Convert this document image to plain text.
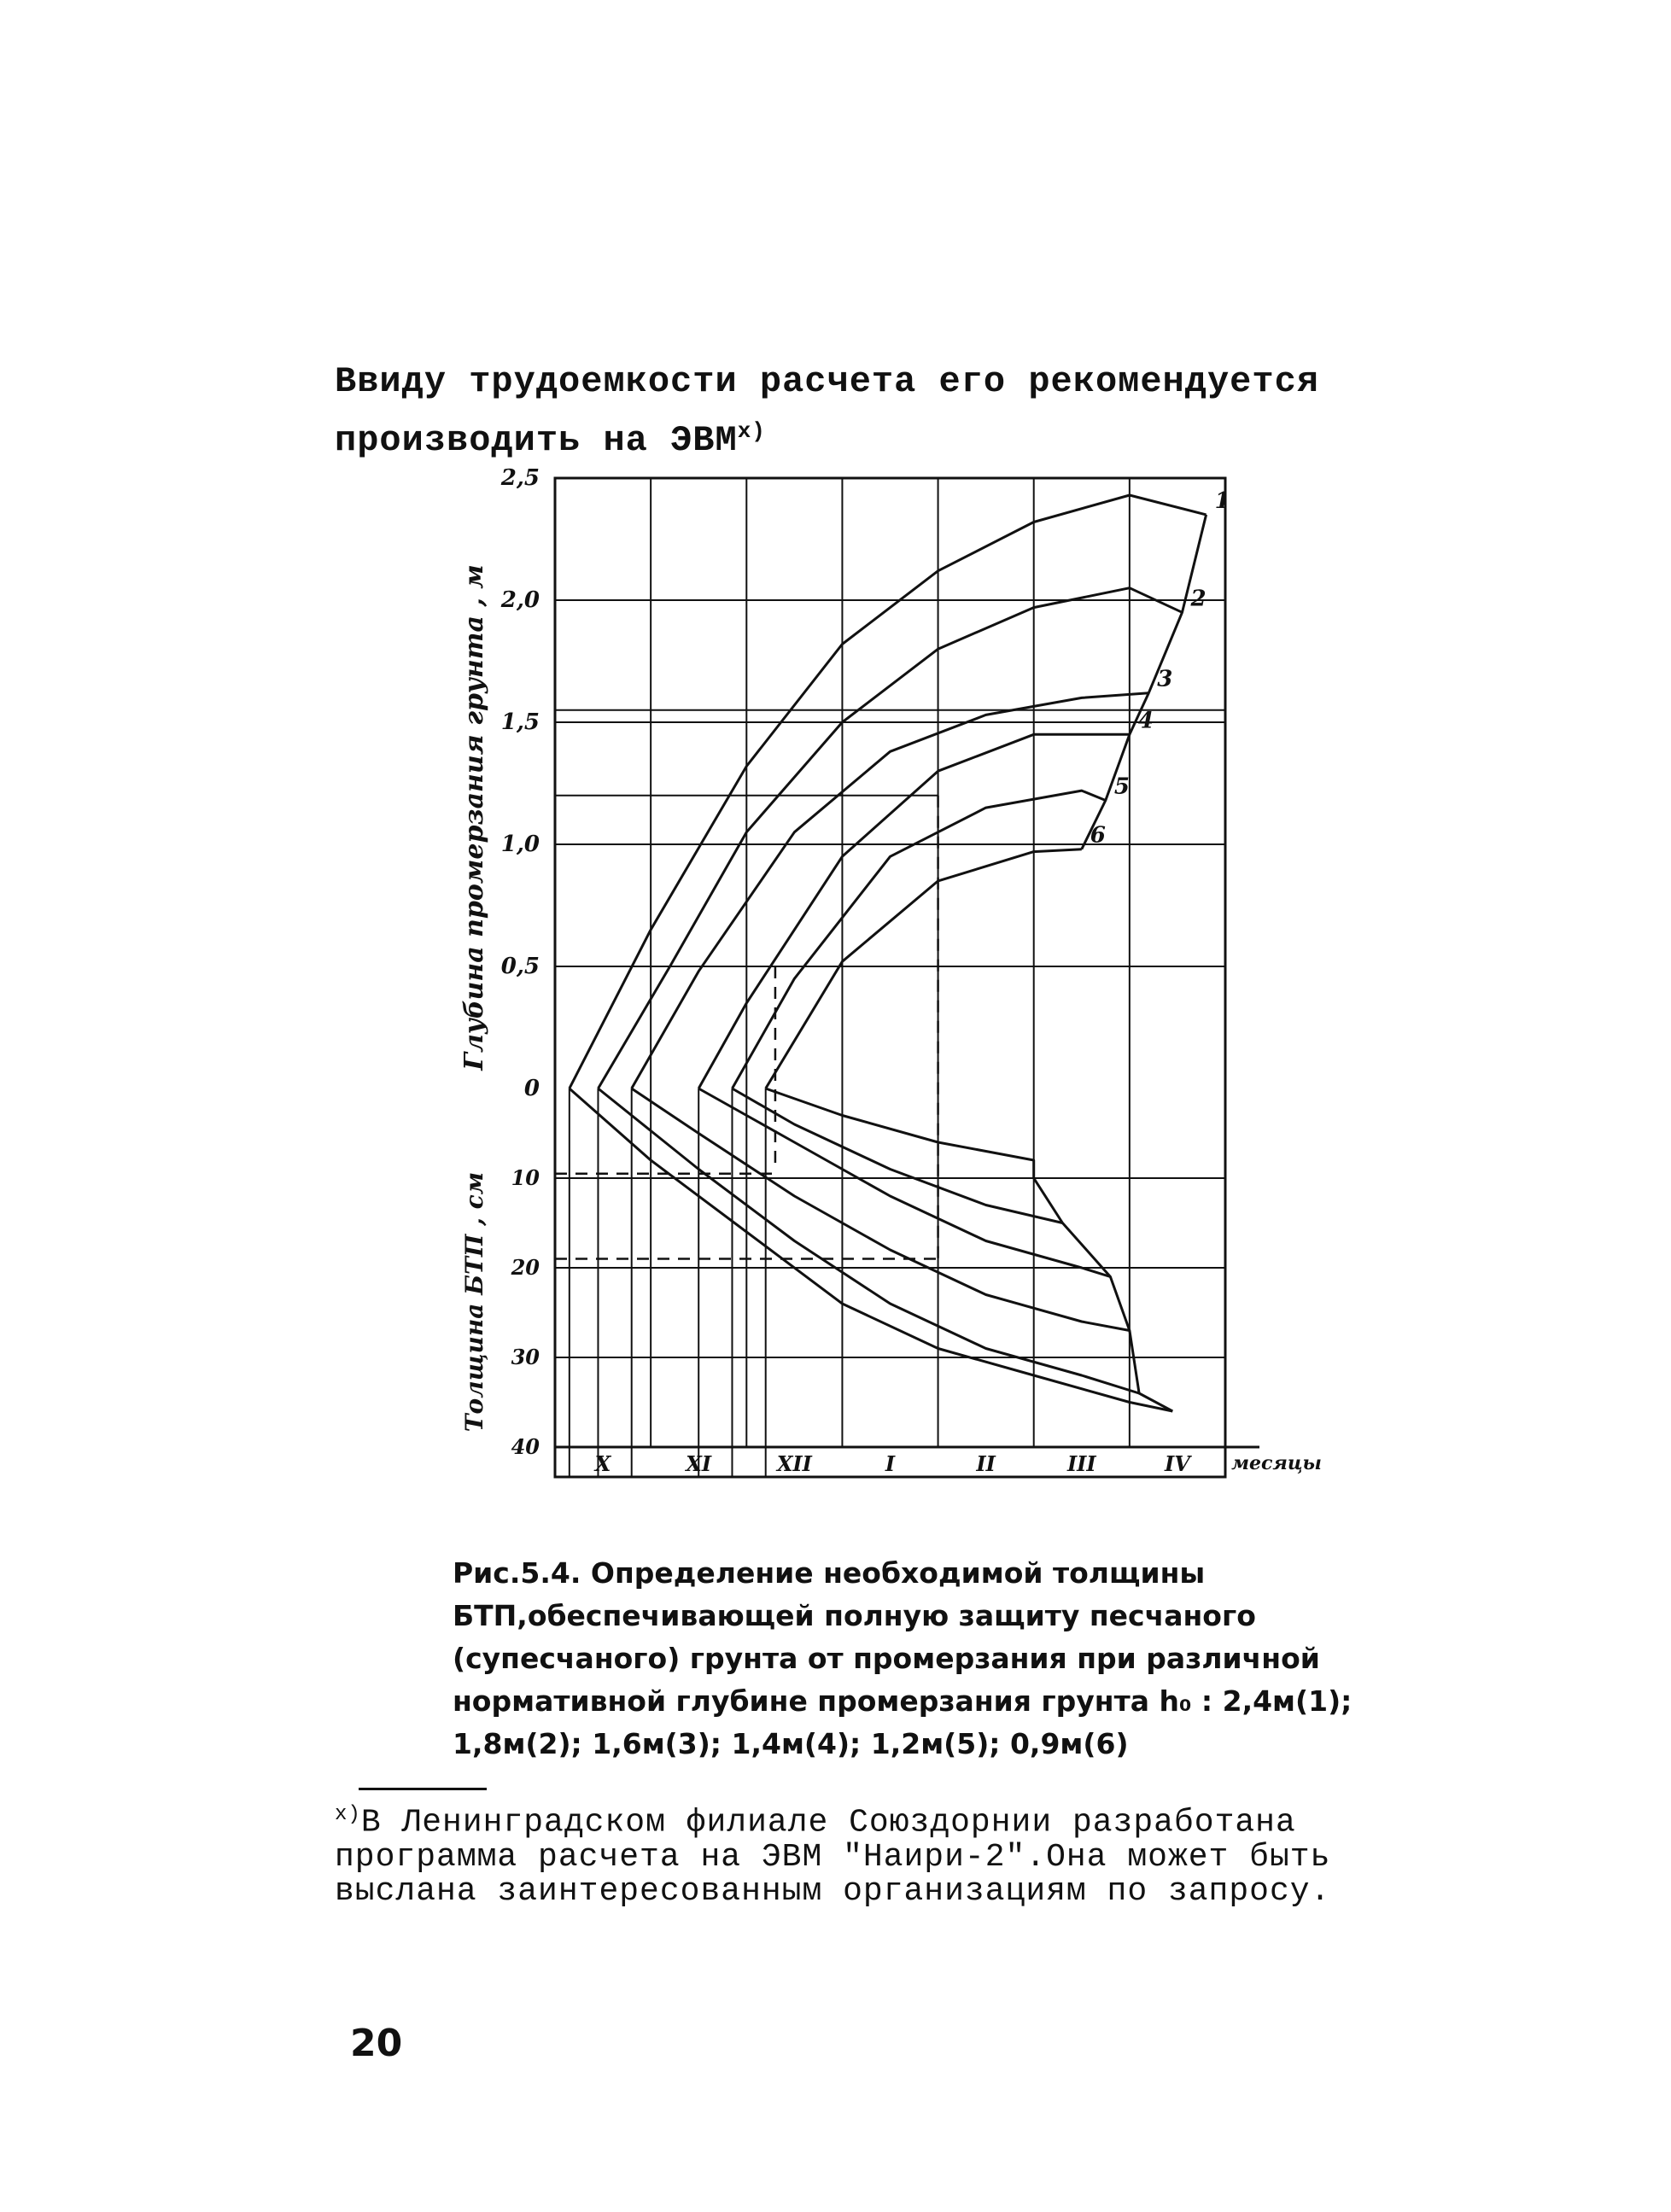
Ввиду трудоемкости расчета его рекомендуется производить на ЭВМ$^{x)}$
1
2
3
4
5
6
2,5
2,0
1,5
1,0
0,5
0
10
20
30
40
Глубина промерзания грунта , м
Толщина БТП , см
X	XI	XII	I	II	III	IV месяцы
Рис.5.4. Определение необходимой толщины БТП,обеспечивающей полную защиту песчаного (супесчаного) грунта от промерзания при различной нормативной глубине промерзания грунта h₀ : 2,4м(1); 1,8м(2); 1,6м(3); 1,4м(4); 1,2м(5); 0,9м(6)
$^{x)}$В Ленинградском филиале Союздорнии разработана программа расчета на ЭВМ "Наири-2".Она может быть выслана заинтересованным организациям по запросу.
20
